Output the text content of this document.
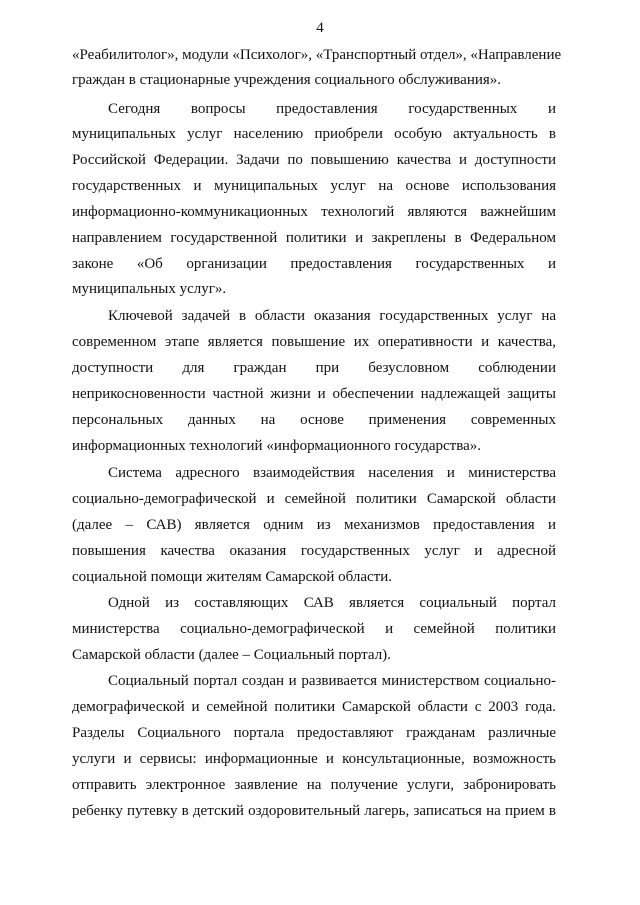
4
«Реабилитолог», модули «Психолог», «Транспортный отдел», «Направление
граждан в стационарные учреждения социального обслуживания».
Сегодня вопросы предоставления государственных и
муниципальных услуг населению приобрели особую актуальность в
Российской Федерации. Задачи по повышению качества и доступности
государственных и муниципальных услуг на основе использования
информационно-коммуникационных технологий являются важнейшим
направлением государственной политики и закреплены в Федеральном
законе «Об организации предоставления государственных и
муниципальных услуг».
Ключевой задачей в области оказания государственных услуг на
современном этапе является повышение их оперативности и качества,
доступности для граждан при безусловном соблюдении
неприкосновенности частной жизни и обеспечении надлежащей защиты
персональных данных на основе применения современных
информационных технологий «информационного государства».
Система адресного взаимодействия населения и министерства
социально-демографической и семейной политики Самарской области
(далее – САВ) является одним из механизмов предоставления и
повышения качества оказания государственных услуг и адресной
социальной помощи жителям Самарской области.
Одной из составляющих САВ является социальный портал
министерства социально-демографической и семейной политики
Самарской области (далее – Социальный портал).
Социальный портал создан и развивается министерством социально-
демографической и семейной политики Самарской области с 2003 года.
Разделы Социального портала предоставляют гражданам различные
услуги и сервисы: информационные и консультационные, возможность
отправить электронное заявление на получение услуги, забронировать
ребенку путевку в детский оздоровительный лагерь, записаться на прием в
